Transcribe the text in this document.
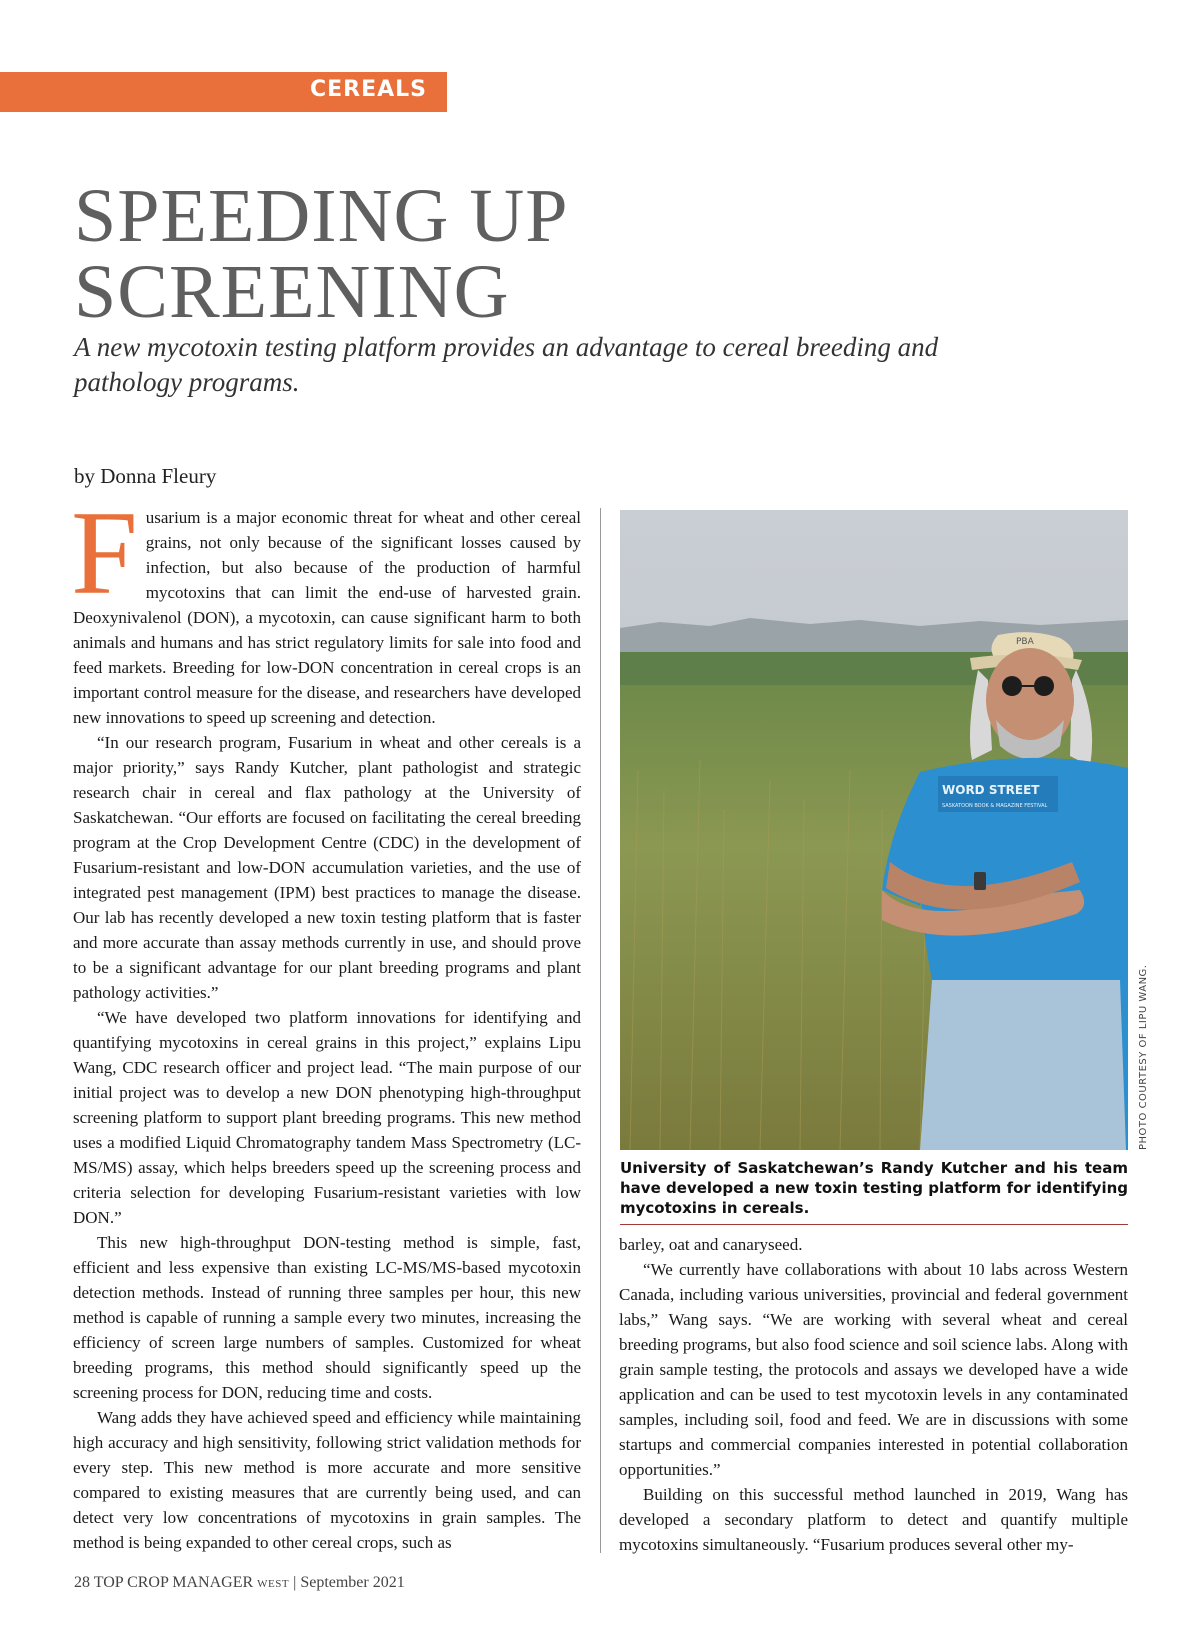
CEREALS
SPEEDING UP
SCREENING

A new mycotoxin testing platform provides an advantage to cereal breeding and pathology programs.

by Donna Fleury

Fusarium is a major economic threat for wheat and other cereal grains, not only because of the significant losses caused by infection, but also because of the production of harmful mycotoxins that can limit the end-use of harvested grain. Deoxynivalenol (DON), a mycotoxin, can cause significant harm to both animals and humans and has strict regulatory limits for sale into food and feed markets. Breeding for low-DON concentration in cereal crops is an important control measure for the disease, and researchers have developed new innovations to speed up screening and detection.

“In our research program, Fusarium in wheat and other cereals is a major priority,” says Randy Kutcher, plant pathologist and strategic research chair in cereal and flax pathology at the University of Saskatchewan. “Our efforts are focused on facilitating the cereal breeding program at the Crop Development Centre (CDC) in the development of Fusarium-resistant and low-DON accumulation varieties, and the use of integrated pest management (IPM) best practices to manage the disease. Our lab has recently developed a new toxin testing platform that is faster and more accurate than assay methods currently in use, and should prove to be a significant advantage for our plant breeding programs and plant pathology activities.”

“We have developed two platform innovations for identifying and quantifying mycotoxins in cereal grains in this project,” explains Lipu Wang, CDC research officer and project lead. “The main purpose of our initial project was to develop a new DON phenotyping high-throughput screening platform to support plant breeding programs. This new method uses a modified Liquid Chromatography tandem Mass Spectrometry (LC-MS/MS) assay, which helps breeders speed up the screening process and criteria selection for developing Fusarium-resistant varieties with low DON.”

This new high-throughput DON-testing method is simple, fast, efficient and less expensive than existing LC-MS/MS-based mycotoxin detection methods. Instead of running three samples per hour, this new method is capable of running a sample every two minutes, increasing the efficiency of screen large numbers of samples. Customized for wheat breeding programs, this method should significantly speed up the screening process for DON, reducing time and costs.

Wang adds they have achieved speed and efficiency while maintaining high accuracy and high sensitivity, following strict validation methods for every step. This new method is more accurate and more sensitive compared to existing measures that are currently being used, and can detect very low concentrations of mycotoxins in grain samples. The method is being expanded to other cereal crops, such as

PBA
WORD STREET
SASKATOON BOOK & MAGAZINE FESTIVAL
PHOTO COURTESY OF LIPU WANG.
University of Saskatchewan’s Randy Kutcher and his team have developed a new toxin testing platform for identifying mycotoxins in cereals.

barley, oat and canaryseed.

“We currently have collaborations with about 10 labs across Western Canada, including various universities, provincial and federal government labs,” Wang says. “We are working with several wheat and cereal breeding programs, but also food science and soil science labs. Along with grain sample testing, the protocols and assays we developed have a wide application and can be used to test mycotoxin levels in any contaminated samples, including soil, food and feed. We are in discussions with some startups and commercial companies interested in potential collaboration opportunities.”

Building on this successful method launched in 2019, Wang has developed a secondary platform to detect and quantify multiple mycotoxins simultaneously. “Fusarium produces several other my-

28 TOP CROP MANAGER WEST | September 2021
